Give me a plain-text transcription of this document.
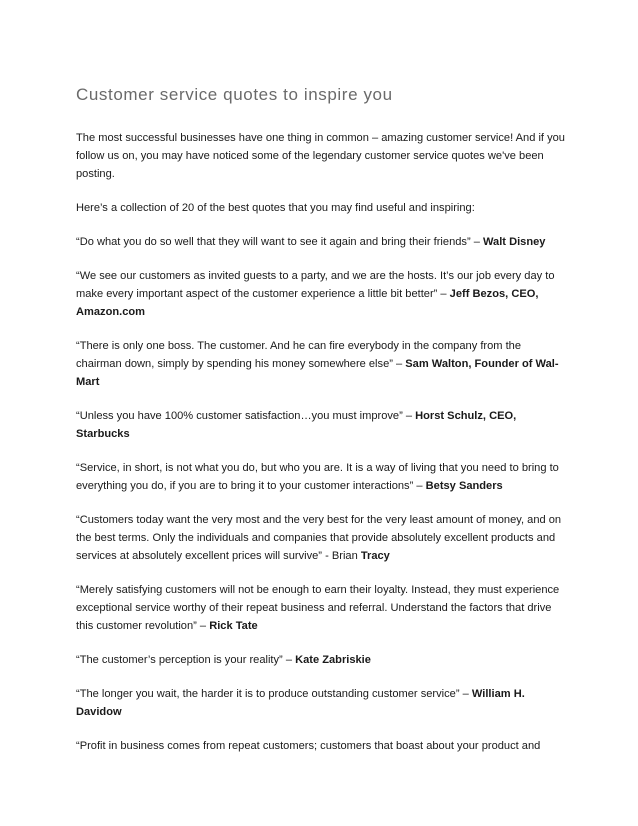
Customer service quotes to inspire you

The most successful businesses have one thing in common – amazing customer service! And if you follow us on, you may have noticed some of the legendary customer service quotes we've been posting.

Here’s a collection of 20 of the best quotes that you may find useful and inspiring:

“Do what you do so well that they will want to see it again and bring their friends” – Walt Disney

“We see our customers as invited guests to a party, and we are the hosts. It’s our job every day to make every important aspect of the customer experience a little bit better” – Jeff Bezos, CEO, Amazon.com

“There is only one boss. The customer. And he can fire everybody in the company from the chairman down, simply by spending his money somewhere else” – Sam Walton, Founder of Wal-Mart

“Unless you have 100% customer satisfaction…you must improve” – Horst Schulz, CEO, Starbucks

“Service, in short, is not what you do, but who you are. It is a way of living that you need to bring to everything you do, if you are to bring it to your customer interactions” – Betsy Sanders

“Customers today want the very most and the very best for the very least amount of money, and on the best terms. Only the individuals and companies that provide absolutely excellent products and services at absolutely excellent prices will survive” - Brian Tracy

“Merely satisfying customers will not be enough to earn their loyalty. Instead, they must experience exceptional service worthy of their repeat business and referral. Understand the factors that drive this customer revolution” – Rick Tate

“The customer’s perception is your reality” – Kate Zabriskie

“The longer you wait, the harder it is to produce outstanding customer service” – William H. Davidow

“Profit in business comes from repeat customers; customers that boast about your product and
